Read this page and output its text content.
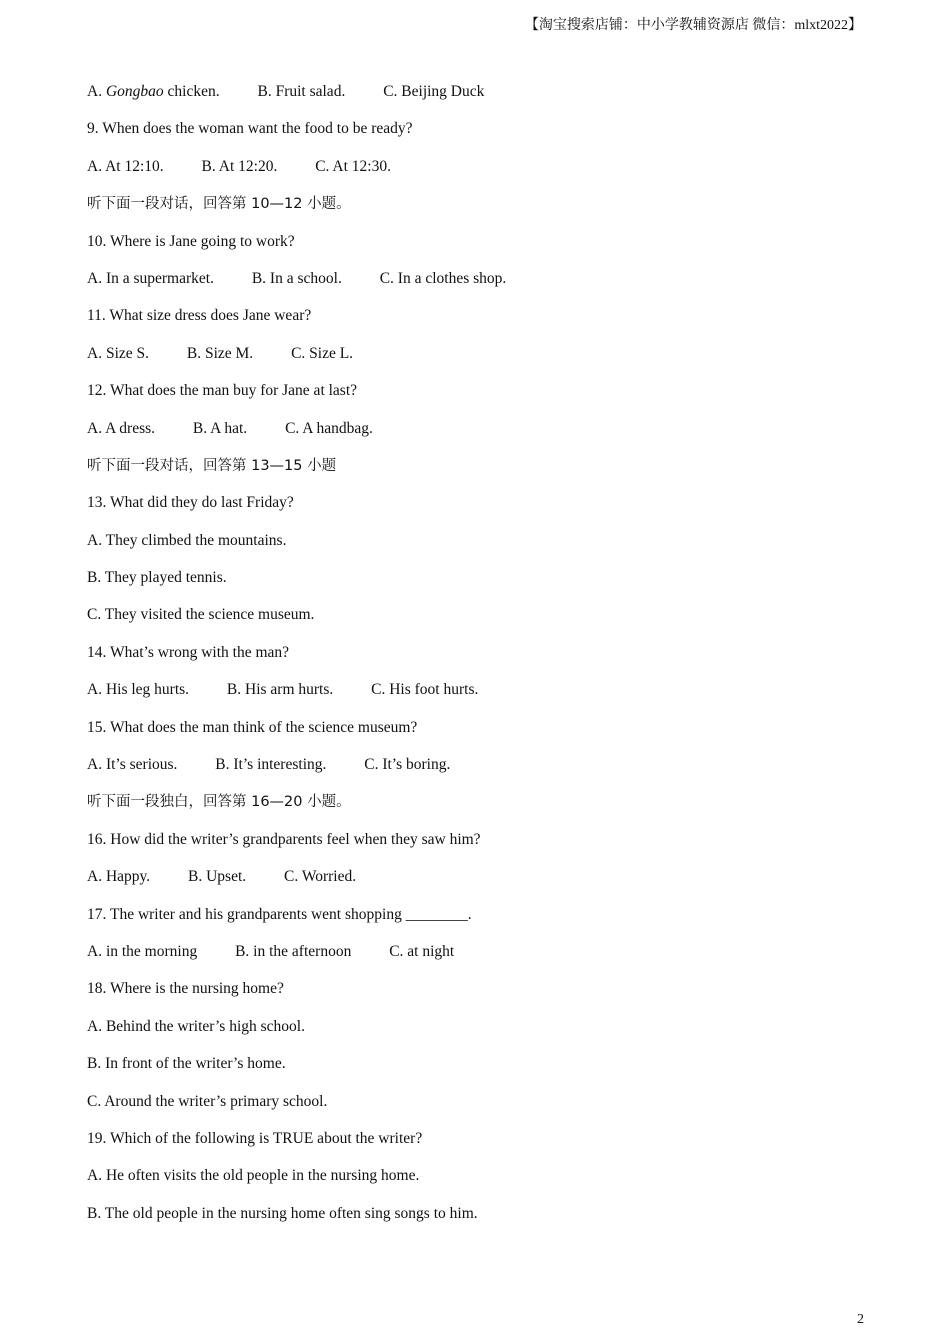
【淘宝搜索店铺：中小学教辅资源店 微信：mlxt2022】
A. Gongbao chicken. B. Fruit salad. C. Beijing Duck
9. When does the woman want the food to be ready?
A. At 12:10. B. At 12:20. C. At 12:30.
听下面一段对话，回答第 10—12 小题。
10. Where is Jane going to work?
A. In a supermarket. B. In a school. C. In a clothes shop.
11. What size dress does Jane wear?
A. Size S. B. Size M. C. Size L.
12. What does the man buy for Jane at last?
A. A dress. B. A hat. C. A handbag.
听下面一段对话，回答第 13—15 小题
13. What did they do last Friday?
A. They climbed the mountains.
B. They played tennis.
C. They visited the science museum.
14. What’s wrong with the man?
A. His leg hurts. B. His arm hurts. C. His foot hurts.
15. What does the man think of the science museum?
A. It’s serious. B. It’s interesting. C. It’s boring.
听下面一段独白，回答第 16—20 小题。
16. How did the writer’s grandparents feel when they saw him?
A. Happy. B. Upset. C. Worried.
17. The writer and his grandparents went shopping ________.
A. in the morning B. in the afternoon C. at night
18. Where is the nursing home?
A. Behind the writer’s high school.
B. In front of the writer’s home.
C. Around the writer’s primary school.
19. Which of the following is TRUE about the writer?
A. He often visits the old people in the nursing home.
B. The old people in the nursing home often sing songs to him.
2
